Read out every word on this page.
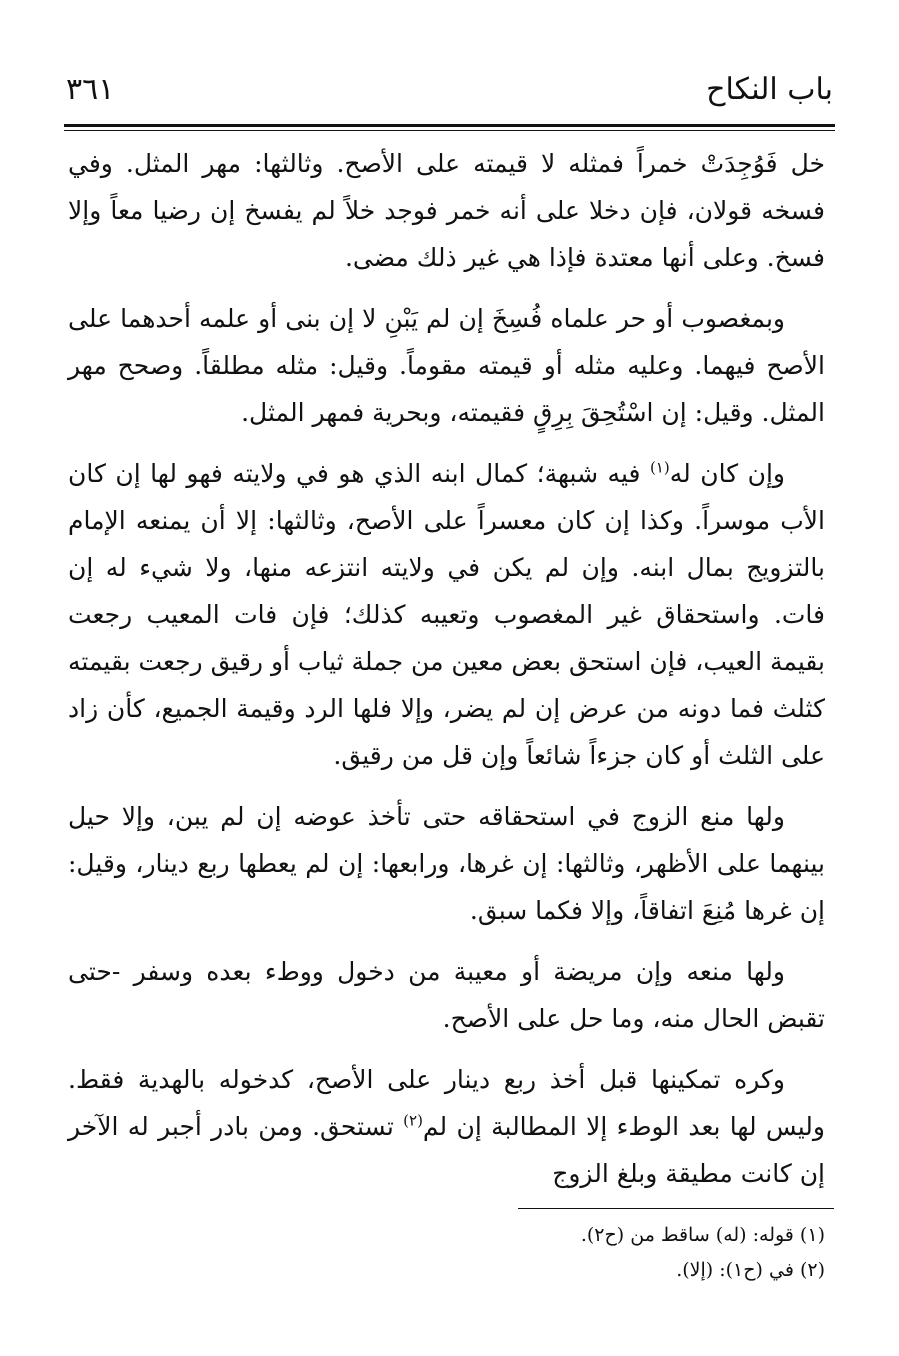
باب النكاح
٣٦١

خل فَوُجِدَتْ خمراً فمثله لا قيمته على الأصح. وثالثها: مهر المثل. وفي فسخه قولان، فإن دخلا على أنه خمر فوجد خلاً لم يفسخ إن رضيا معاً وإلا فسخ. وعلى أنها معتدة فإذا هي غير ذلك مضى.

وبمغصوب أو حر علماه فُسِخَ إن لم يَبْنِ لا إن بنى أو علمه أحدهما على الأصح فيهما. وعليه مثله أو قيمته مقوماً. وقيل: مثله مطلقاً. وصحح مهر المثل. وقيل: إن اسْتُحِقَ بِرِقٍ فقيمته، وبحرية فمهر المثل.

وإن كان له$^{(١)}$ فيه شبهة؛ كمال ابنه الذي هو في ولايته فهو لها إن كان الأب موسراً. وكذا إن كان معسراً على الأصح، وثالثها: إلا أن يمنعه الإمام بالتزويج بمال ابنه. وإن لم يكن في ولايته انتزعه منها، ولا شيء له إن فات. واستحقاق غير المغصوب وتعيبه كذلك؛ فإن فات المعيب رجعت بقيمة العيب، فإن استحق بعض معين من جملة ثياب أو رقيق رجعت بقيمته كثلث فما دونه من عرض إن لم يضر، وإلا فلها الرد وقيمة الجميع، كأن زاد على الثلث أو كان جزءاً شائعاً وإن قل من رقيق.

ولها منع الزوج في استحقاقه حتى تأخذ عوضه إن لم يبن، وإلا حيل بينهما على الأظهر، وثالثها: إن غرها، ورابعها: إن لم يعطها ربع دينار، وقيل: إن غرها مُنِعَ اتفاقاً، وإلا فكما سبق.

ولها منعه وإن مريضة أو معيبة من دخول ووطء بعده وسفر -حتى تقبض الحال منه، وما حل على الأصح.

وكره تمكينها قبل أخذ ربع دينار على الأصح، كدخوله بالهدية فقط. وليس لها بعد الوطء إلا المطالبة إن لم$^{(٢)}$ تستحق. ومن بادر أجبر له الآخر إن كانت مطيقة وبلغ الزوج

(١) قوله: (له) ساقط من (ح٢).

(٢) في (ح١): (إلا).
